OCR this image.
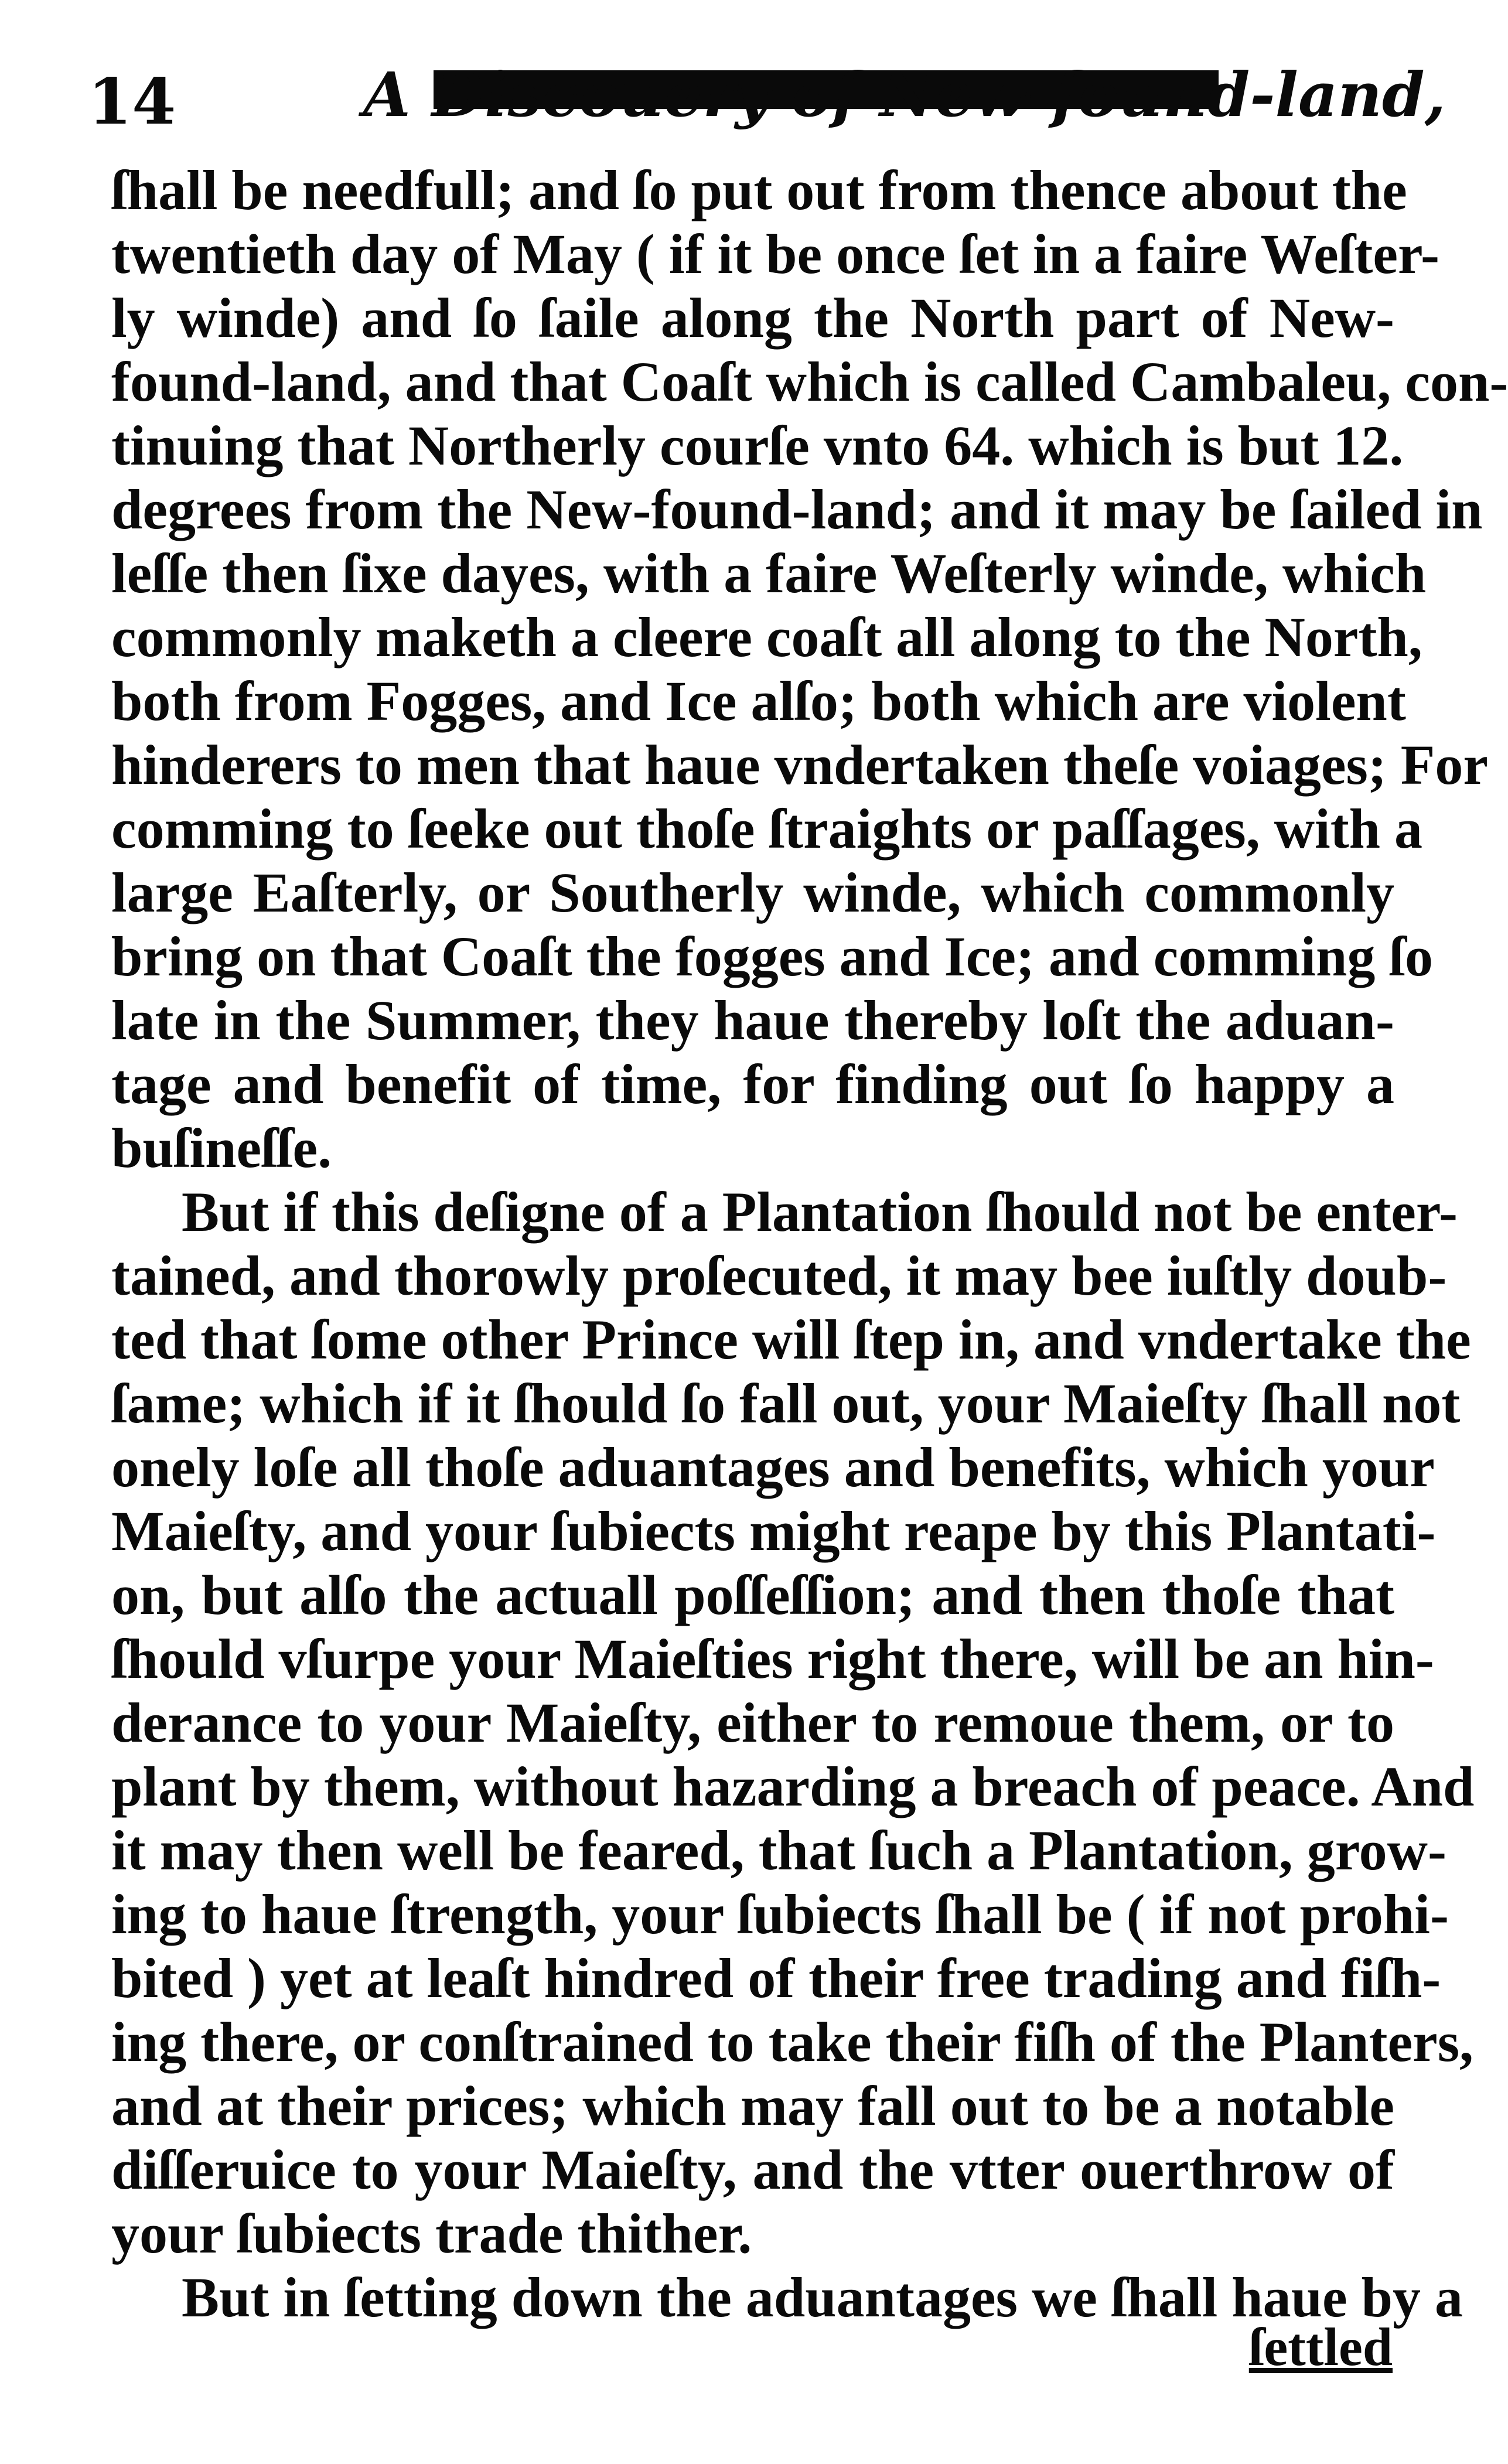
14	A Discouery of New-found-land,
ſhall be needfull; and ſo put out from thence about the
twentieth day of May ( if it be once ſet in a faire Weſter-
ly winde) and ſo ſaile along the North part of New-
found-land, and that Coaſt which is called Cambaleu, con-
tinuing that Northerly courſe vnto 64. which is but 12.
degrees from the New-found-land; and it may be ſailed in
leſſe then ſixe dayes, with a faire Weſterly winde, which
commonly maketh a cleere coaſt all along to the North,
both from Fogges, and Ice alſo; both which are violent
hinderers to men that haue vndertaken theſe voiages; For
comming to ſeeke out thoſe ſtraights or paſſages, with a
large Eaſterly, or Southerly winde, which commonly
bring on that Coaſt the fogges and Ice; and comming ſo
late in the Summer, they haue thereby loſt the aduan-
tage and benefit of time, for finding out ſo happy a
buſineſſe.
But if this deſigne of a Plantation ſhould not be enter-
tained, and thorowly proſecuted, it may bee iuſtly doub-
ted that ſome other Prince will ſtep in, and vndertake the
ſame; which if it ſhould ſo fall out, your Maieſty ſhall not
onely loſe all thoſe aduantages and benefits, which your
Maieſty, and your ſubiects might reape by this Plantati-
on, but alſo the actuall poſſeſſion; and then thoſe that
ſhould vſurpe your Maieſties right there, will be an hin-
derance to your Maieſty, either to remoue them, or to
plant by them, without hazarding a breach of peace. And
it may then well be feared, that ſuch a Plantation, grow-
ing to haue ſtrength, your ſubiects ſhall be ( if not prohi-
bited ) yet at leaſt hindred of their free trading and fiſh-
ing there, or conſtrained to take their fiſh of the Planters,
and at their prices; which may fall out to be a notable
diſſeruice to your Maieſty, and the vtter ouerthrow of
your ſubiects trade thither.
But in ſetting down the aduantages we ſhall haue by a
ſettled
